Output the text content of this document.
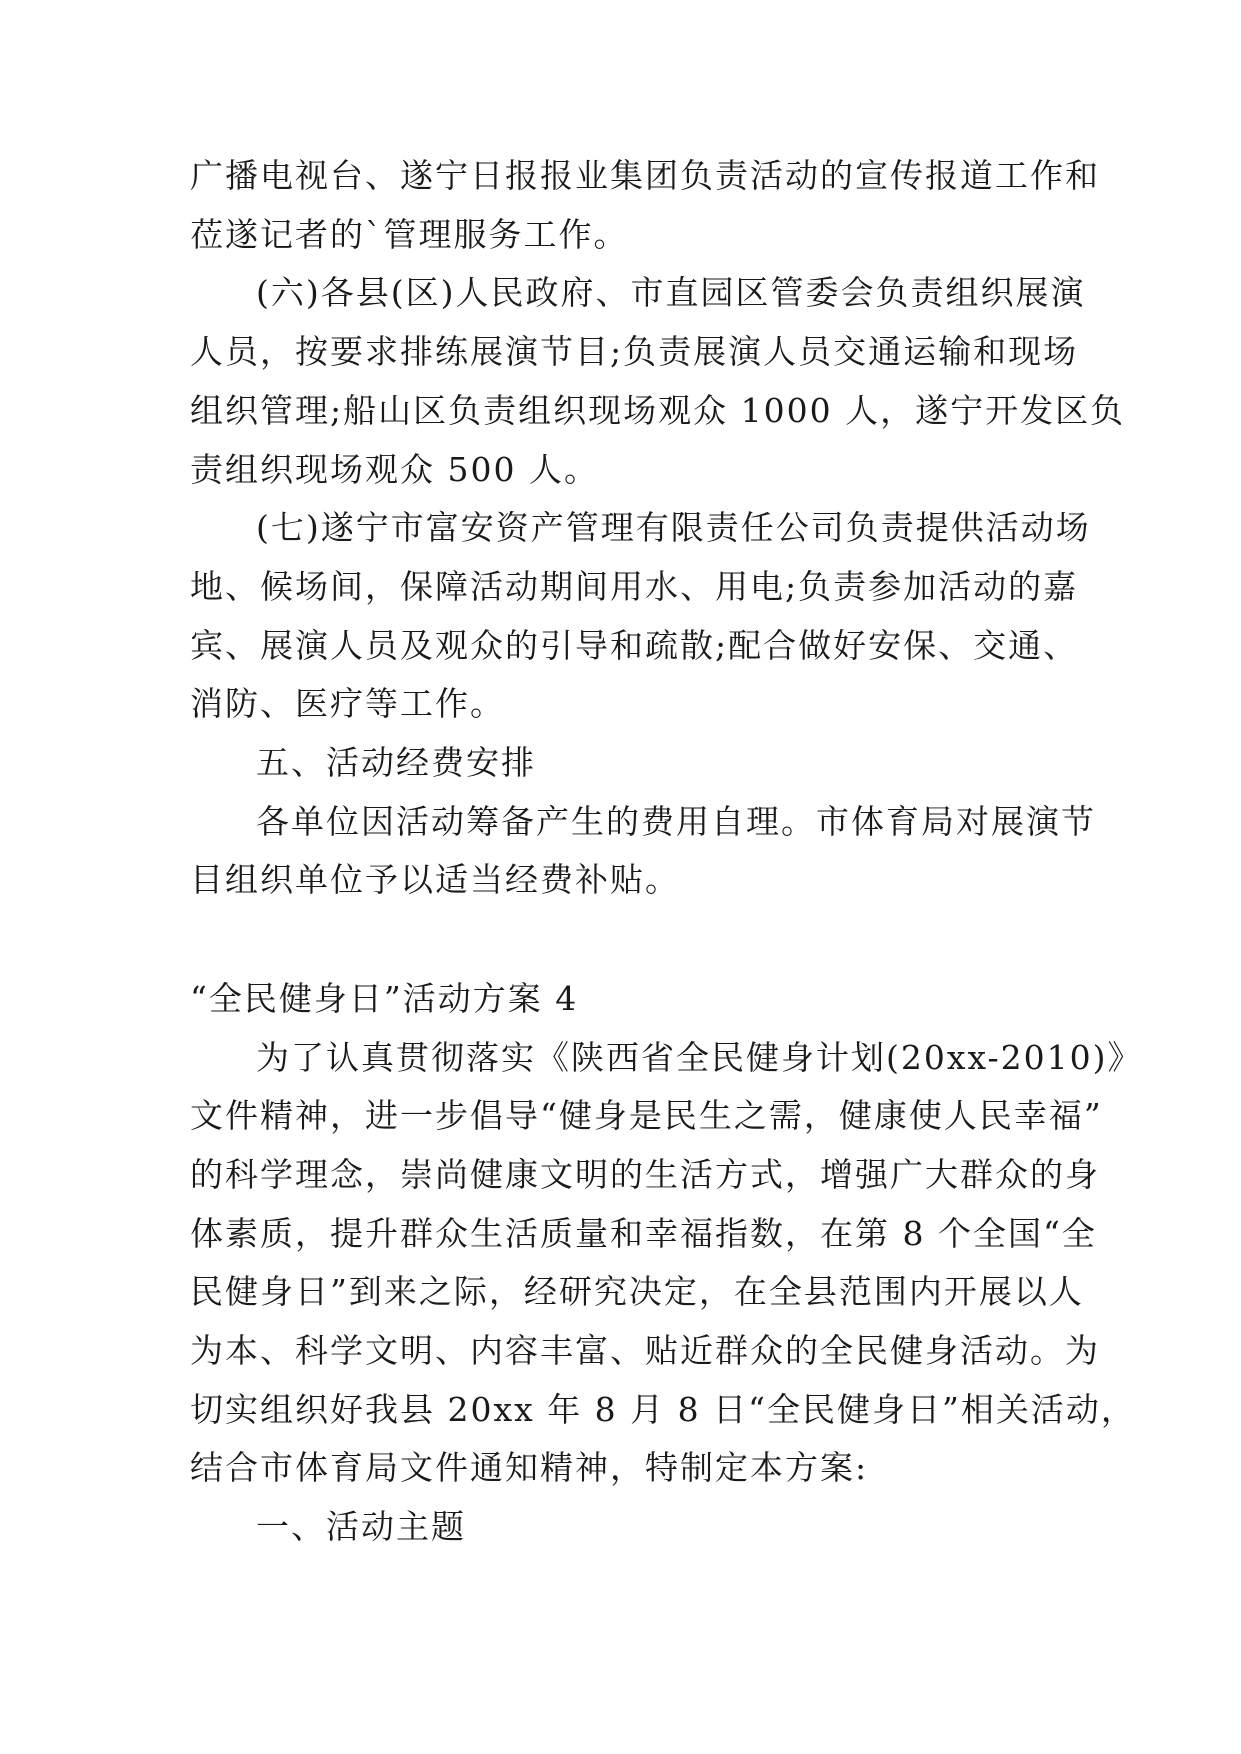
广播电视台、遂宁日报报业集团负责活动的宣传报道工作和
莅遂记者的`管理服务工作。
(六)各县(区)人民政府、市直园区管委会负责组织展演
人员，按要求排练展演节目;负责展演人员交通运输和现场
组织管理;船山区负责组织现场观众 1000 人，遂宁开发区负
责组织现场观众 500 人。
(七)遂宁市富安资产管理有限责任公司负责提供活动场
地、候场间，保障活动期间用水、用电;负责参加活动的嘉
宾、展演人员及观众的引导和疏散;配合做好安保、交通、
消防、医疗等工作。
五、活动经费安排
各单位因活动筹备产生的费用自理。市体育局对展演节
目组织单位予以适当经费补贴。
“全民健身日”活动方案 4
为了认真贯彻落实《陕西省全民健身计划(20xx-2010)》
文件精神，进一步倡导“健身是民生之需，健康使人民幸福”
的科学理念，崇尚健康文明的生活方式，增强广大群众的身
体素质，提升群众生活质量和幸福指数，在第 8 个全国“全
民健身日”到来之际，经研究决定，在全县范围内开展以人
为本、科学文明、内容丰富、贴近群众的全民健身活动。为
切实组织好我县 20xx 年 8 月 8 日“全民健身日”相关活动，
结合市体育局文件通知精神，特制定本方案:
一、活动主题
